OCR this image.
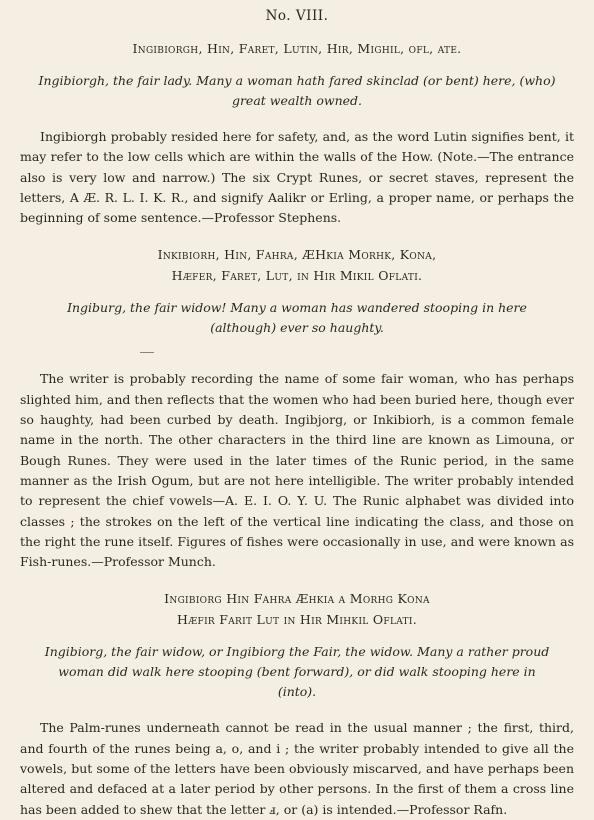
No. VIII.

Ingibiorgh, Hin, Faret, Lutin, Hir, Mighil, ofl, ate.

Ingibiorgh, the fair lady. Many a woman hath fared skinclad (or bent) here, (who) great wealth owned.

Ingibiorgh probably resided here for safety, and, as the word Lutin signifies bent, it may refer to the low cells which are within the walls of the How. (Note.—The entrance also is very low and narrow.) The six Crypt Runes, or secret staves, represent the letters, A Æ. R. L. I. K. R., and signify Aalikr or Erling, a proper name, or perhaps the beginning of some sentence.—Professor Stephens.

Inkibiorh, Hin, Fahra, ÆHkia Morhk, Kona,

Hæfer, Faret, Lut, in Hir Mikil Oflati.

Ingiburg, the fair widow! Many a woman has wandered stooping in here (although) ever so haughty.

The writer is probably recording the name of some fair woman, who has perhaps slighted him, and then reflects that the women who had been buried here, though ever so haughty, had been curbed by death. Ingibjorg, or Inkibiorh, is a common female name in the north. The other characters in the third line are known as Limouna, or Bough Runes. They were used in the later times of the Runic period, in the same manner as the Irish Ogum, but are not here intelligible. The writer probably intended to represent the chief vowels—A. E. I. O. Y. U. The Runic alphabet was divided into classes ; the strokes on the left of the vertical line indicating the class, and those on the right the rune itself. Figures of fishes were occasionally in use, and were known as Fish-runes.—Professor Munch.

Ingibiorg Hin Fahra Æhkia a Morhg Kona

Hæfir Farit Lut in Hir Mihkil Oflati.

Ingibiorg, the fair widow, or Ingibiorg the Fair, the widow. Many a rather proud woman did walk here stooping (bent forward), or did walk stooping here in (into).

The Palm-runes underneath cannot be read in the usual manner ; the first, third, and fourth of the runes being a, o, and i ; the writer probably intended to give all the vowels, but some of the letters have been obviously miscarved, and have perhaps been altered and defaced at a later period by other persons. In the first of them a cross line has been added to shew that the letter ⅎ, or (a) is intended.—Professor Rafn.
